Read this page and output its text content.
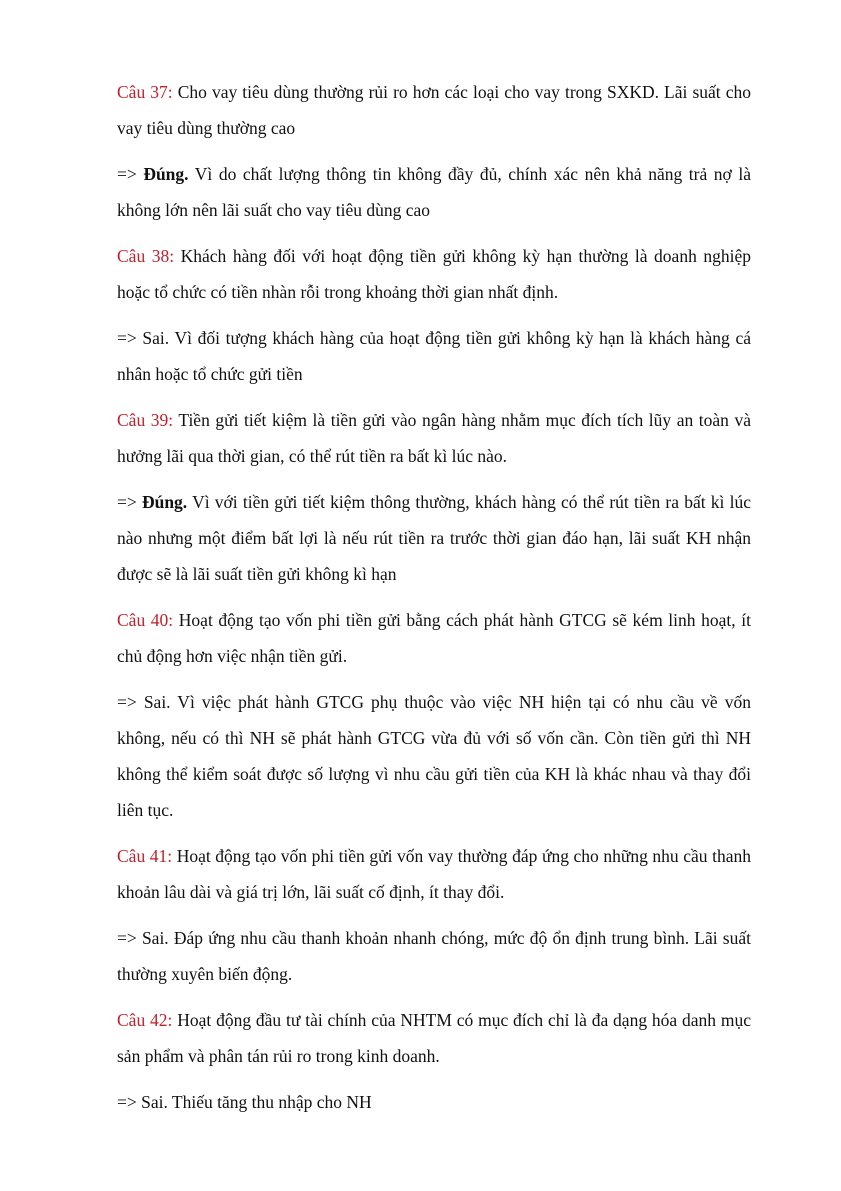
Câu 37: Cho vay tiêu dùng thường rủi ro hơn các loại cho vay trong SXKD. Lãi suất cho vay tiêu dùng thường cao

=> Đúng. Vì do chất lượng thông tin không đầy đủ, chính xác nên khả năng trả nợ là không lớn nên lãi suất cho vay tiêu dùng cao

Câu 38: Khách hàng đối với hoạt động tiền gửi không kỳ hạn thường là doanh nghiệp hoặc tổ chức có tiền nhàn rỗi trong khoảng thời gian nhất định.

=> Sai. Vì đối tượng khách hàng của hoạt động tiền gửi không kỳ hạn là khách hàng cá nhân hoặc tổ chức gửi tiền

Câu 39: Tiền gửi tiết kiệm là tiền gửi vào ngân hàng nhằm mục đích tích lũy an toàn và hưởng lãi qua thời gian, có thể rút tiền ra bất kì lúc nào.

=> Đúng. Vì với tiền gửi tiết kiệm thông thường, khách hàng có thể rút tiền ra bất kì lúc nào nhưng một điểm bất lợi là nếu rút tiền ra trước thời gian đáo hạn, lãi suất KH nhận được sẽ là lãi suất tiền gửi không kì hạn

Câu 40: Hoạt động tạo vốn phi tiền gửi bằng cách phát hành GTCG sẽ kém linh hoạt, ít chủ động hơn việc nhận tiền gửi.

=> Sai. Vì việc phát hành GTCG phụ thuộc vào việc NH hiện tại có nhu cầu về vốn không, nếu có thì NH sẽ phát hành GTCG vừa đủ với số vốn cần. Còn tiền gửi thì NH không thể kiểm soát được số lượng vì nhu cầu gửi tiền của KH là khác nhau và thay đổi liên tục.

Câu 41: Hoạt động tạo vốn phi tiền gửi vốn vay thường đáp ứng cho những nhu cầu thanh khoản lâu dài và giá trị lớn, lãi suất cố định, ít thay đổi.

=> Sai. Đáp ứng nhu cầu thanh khoản nhanh chóng, mức độ ổn định trung bình. Lãi suất thường xuyên biến động.

Câu 42: Hoạt động đầu tư tài chính của NHTM có mục đích chỉ là đa dạng hóa danh mục sản phẩm và phân tán rủi ro trong kinh doanh.

=> Sai. Thiếu tăng thu nhập cho NH
